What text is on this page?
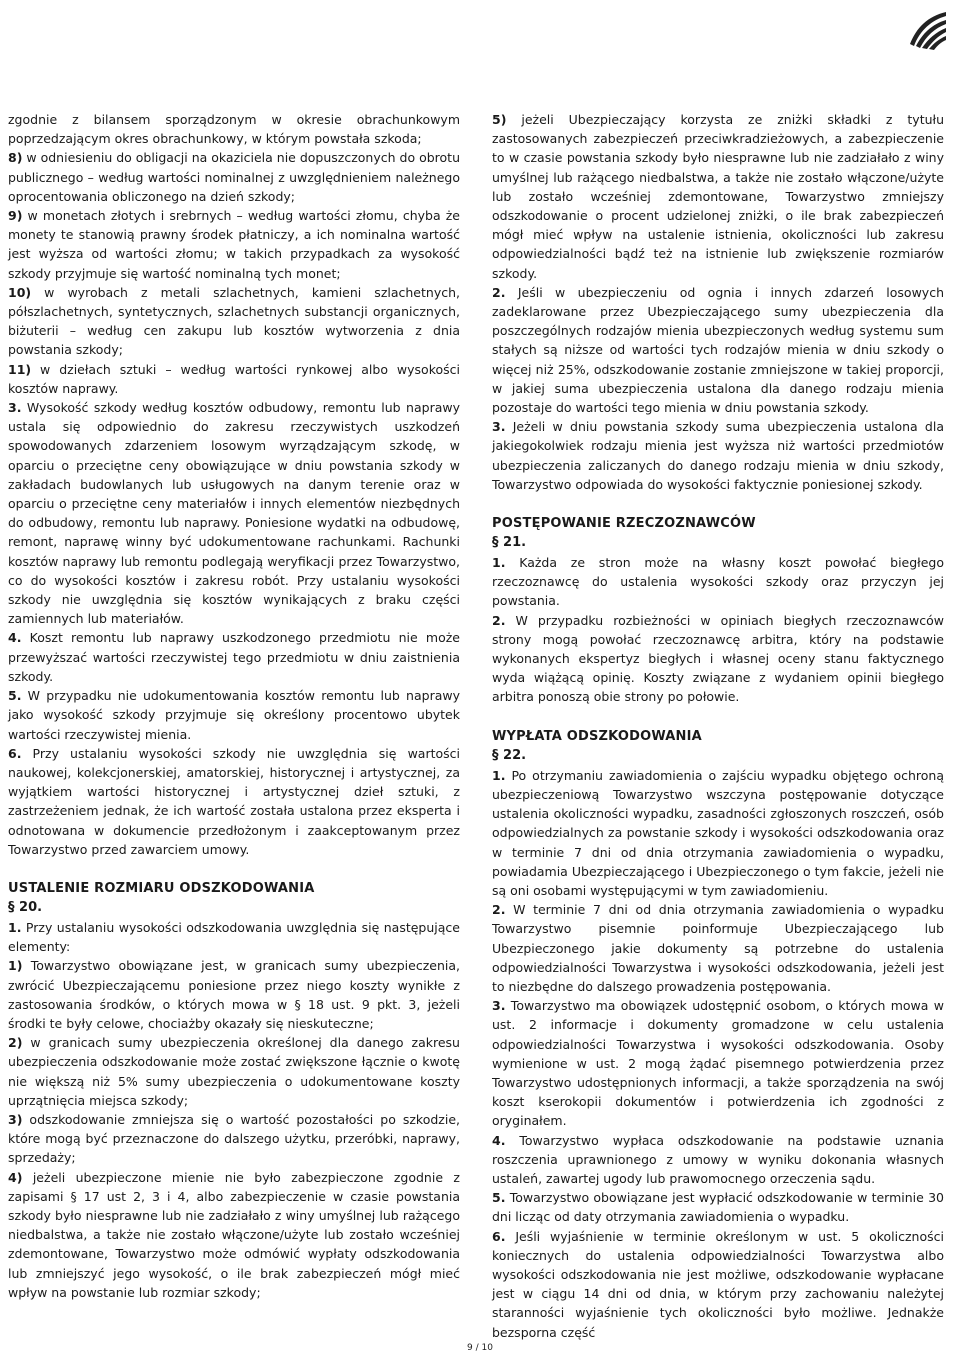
zgodnie z bilansem sporządzonym w okresie obrachunkowym poprzedzającym okres obrachunkowy, w którym powstała szkoda;

8) w odniesieniu do obligacji na okaziciela nie dopuszczonych do obrotu publicznego – według wartości nominalnej z uwzględnieniem należnego oprocentowania obliczonego na dzień szkody;

9) w monetach złotych i srebrnych – według wartości złomu, chyba że monety te stanowią prawny środek płatniczy, a ich nominalna wartość jest wyższa od wartości złomu; w takich przypadkach za wysokość szkody przyjmuje się wartość nominalną tych monet;

10) w wyrobach z metali szlachetnych, kamieni szlachetnych, półszlachetnych, syntetycznych, szlachetnych substancji organicznych, biżuterii – według cen zakupu lub kosztów wytworzenia z dnia powstania szkody;

11) w dziełach sztuki – według wartości rynkowej albo wysokości kosztów naprawy.

3. Wysokość szkody według kosztów odbudowy, remontu lub naprawy ustala się odpowiednio do zakresu rzeczywistych uszkodzeń spowodowanych zdarzeniem losowym wyrządzającym szkodę, w oparciu o przeciętne ceny obowiązujące w dniu powstania szkody w zakładach budowlanych lub usługowych na danym terenie oraz w oparciu o przeciętne ceny materiałów i innych elementów niezbędnych do odbudowy, remontu lub naprawy. Poniesione wydatki na odbudowę, remont, naprawę winny być udokumentowane rachunkami. Rachunki kosztów naprawy lub remontu podlegają weryfikacji przez Towarzystwo, co do wysokości kosztów i zakresu robót. Przy ustalaniu wysokości szkody nie uwzględnia się kosztów wynikających z braku części zamiennych lub materiałów.

4. Koszt remontu lub naprawy uszkodzonego przedmiotu nie może przewyższać wartości rzeczywistej tego przedmiotu w dniu zaistnienia szkody.

5. W przypadku nie udokumentowania kosztów remontu lub naprawy jako wysokość szkody przyjmuje się określony procentowo ubytek wartości rzeczywistej mienia.

6. Przy ustalaniu wysokości szkody nie uwzględnia się wartości naukowej, kolekcjonerskiej, amatorskiej, historycznej i artystycznej, za wyjątkiem wartości historycznej i artystycznej dzieł sztuki, z zastrzeżeniem jednak, że ich wartość została ustalona przez eksperta i odnotowana w dokumencie przedłożonym i zaakceptowanym przez Towarzystwo przed zawarciem umowy.

USTALENIE ROZMIARU ODSZKODOWANIA

§ 20.

1. Przy ustalaniu wysokości odszkodowania uwzględnia się następujące elementy:

1) Towarzystwo obowiązane jest, w granicach sumy ubezpieczenia, zwrócić Ubezpieczającemu poniesione przez niego koszty wynikłe z zastosowania środków, o których mowa w § 18 ust. 9 pkt. 3, jeżeli środki te były celowe, chociażby okazały się nieskuteczne;

2) w granicach sumy ubezpieczenia określonej dla danego zakresu ubezpieczenia odszkodowanie może zostać zwiększone łącznie o kwotę nie większą niż 5% sumy ubezpieczenia o udokumentowane koszty uprzątnięcia miejsca szkody;

3) odszkodowanie zmniejsza się o wartość pozostałości po szkodzie, które mogą być przeznaczone do dalszego użytku, przeróbki, naprawy, sprzedaży;

4) jeżeli ubezpieczone mienie nie było zabezpieczone zgodnie z zapisami § 17 ust 2, 3 i 4, albo zabezpieczenie w czasie powstania szkody było niesprawne lub nie zadziałało z winy umyślnej lub rażącego niedbalstwa, a także nie zostało włączone/użyte lub zostało wcześniej zdemontowane, Towarzystwo może odmówić wypłaty odszkodowania lub zmniejszyć jego wysokość, o ile brak zabezpieczeń mógł mieć wpływ na powstanie lub rozmiar szkody;

5) jeżeli Ubezpieczający korzysta ze zniżki składki z tytułu zastosowanych zabezpieczeń przeciwkradzieżowych, a zabezpieczenie to w czasie powstania szkody było niesprawne lub nie zadziałało z winy umyślnej lub rażącego niedbalstwa, a także nie zostało włączone/użyte lub zostało wcześniej zdemontowane, Towarzystwo zmniejszy odszkodowanie o procent udzielonej zniżki, o ile brak zabezpieczeń mógł mieć wpływ na ustalenie istnienia, okoliczności lub zakresu odpowiedzialności bądź też na istnienie lub zwiększenie rozmiarów szkody.

2. Jeśli w ubezpieczeniu od ognia i innych zdarzeń losowych zadeklarowane przez Ubezpieczającego sumy ubezpieczenia dla poszczególnych rodzajów mienia ubezpieczonych według systemu sum stałych są niższe od wartości tych rodzajów mienia w dniu szkody o więcej niż 25%, odszkodowanie zostanie zmniejszone w takiej proporcji, w jakiej suma ubezpieczenia ustalona dla danego rodzaju mienia pozostaje do wartości tego mienia w dniu powstania szkody.

3. Jeżeli w dniu powstania szkody suma ubezpieczenia ustalona dla jakiegokolwiek rodzaju mienia jest wyższa niż wartości przedmiotów ubezpieczenia zaliczanych do danego rodzaju mienia w dniu szkody, Towarzystwo odpowiada do wysokości faktycznie poniesionej szkody.

POSTĘPOWANIE RZECZOZNAWCÓW

§ 21.

1. Każda ze stron może na własny koszt powołać biegłego rzeczoznawcę do ustalenia wysokości szkody oraz przyczyn jej powstania.

2. W przypadku rozbieżności w opiniach biegłych rzeczoznawców strony mogą powołać rzeczoznawcę arbitra, który na podstawie wykonanych ekspertyz biegłych i własnej oceny stanu faktycznego wyda wiążącą opinię. Koszty związane z wydaniem opinii biegłego arbitra ponoszą obie strony po połowie.

WYPŁATA ODSZKODOWANIA

§ 22.

1. Po otrzymaniu zawiadomienia o zajściu wypadku objętego ochroną ubezpieczeniową Towarzystwo wszczyna postępowanie dotyczące ustalenia okoliczności wypadku, zasadności zgłoszonych roszczeń, osób odpowiedzialnych za powstanie szkody i wysokości odszkodowania oraz w terminie 7 dni od dnia otrzymania zawiadomienia o wypadku, powiadamia Ubezpieczającego i Ubezpieczonego o tym fakcie, jeżeli nie są oni osobami występującymi w tym zawiadomieniu.

2. W terminie 7 dni od dnia otrzymania zawiadomienia o wypadku Towarzystwo pisemnie poinformuje Ubezpieczającego lub Ubezpieczonego jakie dokumenty są potrzebne do ustalenia odpowiedzialności Towarzystwa i wysokości odszkodowania, jeżeli jest to niezbędne do dalszego prowadzenia postępowania.

3. Towarzystwo ma obowiązek udostępnić osobom, o których mowa w ust. 2 informacje i dokumenty gromadzone w celu ustalenia odpowiedzialności Towarzystwa i wysokości odszkodowania. Osoby wymienione w ust. 2 mogą żądać pisemnego potwierdzenia przez Towarzystwo udostępnionych informacji, a także sporządzenia na swój koszt kserokopii dokumentów i potwierdzenia ich zgodności z oryginałem.

4. Towarzystwo wypłaca odszkodowanie na podstawie uznania roszczenia uprawnionego z umowy w wyniku dokonania własnych ustaleń, zawartej ugody lub prawomocnego orzeczenia sądu.

5. Towarzystwo obowiązane jest wypłacić odszkodowanie w terminie 30 dni licząc od daty otrzymania zawiadomienia o wypadku.

6. Jeśli wyjaśnienie w terminie określonym w ust. 5 okoliczności koniecznych do ustalenia odpowiedzialności Towarzystwa albo wysokości odszkodowania nie jest możliwe, odszkodowanie wypłacane jest w ciągu 14 dni od dnia, w którym przy zachowaniu należytej staranności wyjaśnienie tych okoliczności było możliwe. Jednakże bezsporna część

9 / 10
